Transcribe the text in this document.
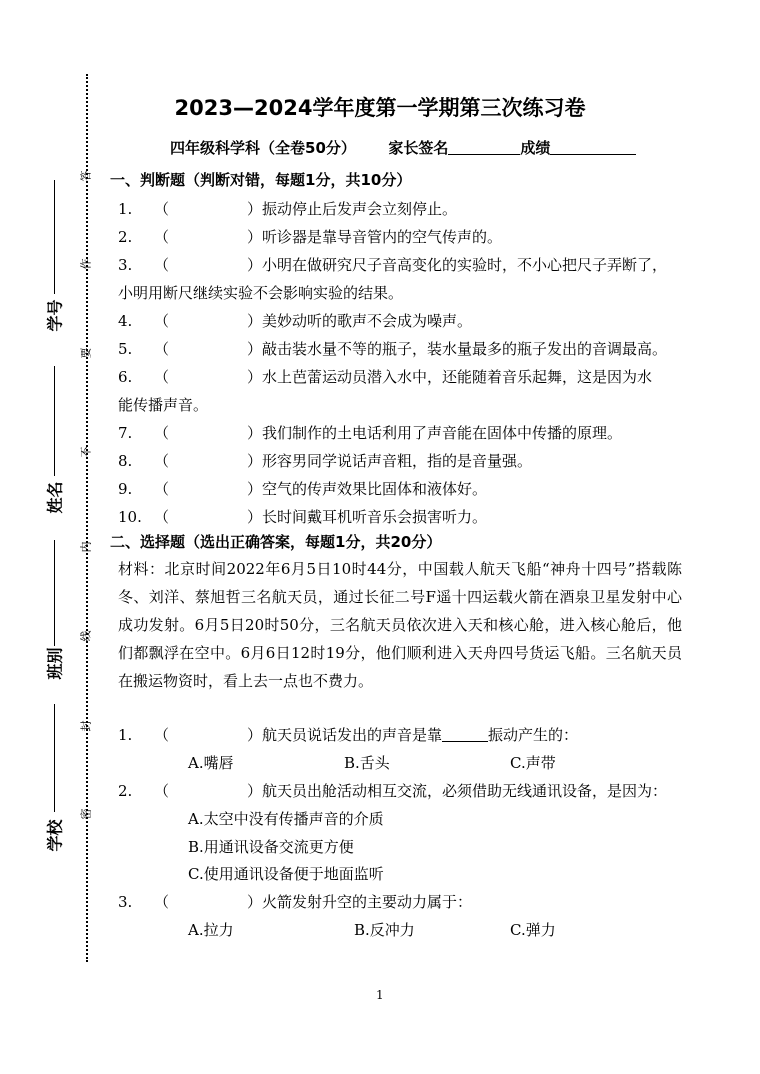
答
作
要
不
内
线
封
密
学号
姓名
班别
学校
2023—2024学年度第一学期第三次练习卷
四年级科学科（全卷50分） 家长签名	成绩
一、判断题（判断对错，每题1分，共10分）
1. （	）振动停止后发声会立刻停止。
2. （	）听诊器是靠导音管内的空气传声的。
3. （	）小明在做研究尺子音高变化的实验时，不小心把尺子弄断了，
小明用断尺继续实验不会影响实验的结果。
4. （	）美妙动听的歌声不会成为噪声。
5. （	）敲击装水量不等的瓶子，装水量最多的瓶子发出的音调最高。
6. （	）水上芭蕾运动员潜入水中，还能随着音乐起舞，这是因为水
能传播声音。
7. （	）我们制作的土电话利用了声音能在固体中传播的原理。
8. （	）形容男同学说话声音粗，指的是音量强。
9. （	）空气的传声效果比固体和液体好。
10. （	）长时间戴耳机听音乐会损害听力。
二、选择题（选出正确答案，每题1分，共20分）
材料：北京时间2022年6月5日10时44分，中国载人航天飞船“神舟十四号”搭载陈冬、刘洋、蔡旭哲三名航天员，通过长征二号F遥十四运载火箭在酒泉卫星发射中心成功发射。6月5日20时50分，三名航天员依次进入天和核心舱，进入核心舱后，他们都飘浮在空中。6月6日12时19分，他们顺利进入天舟四号货运飞船。三名航天员在搬运物资时，看上去一点也不费力。
1. （	）航天员说话发出的声音是靠	振动产生的：
A.嘴唇	B.舌头	C.声带
2. （	）航天员出舱活动相互交流，必须借助无线通讯设备，是因为：
A.太空中没有传播声音的介质
B.用通讯设备交流更方便
C.使用通讯设备便于地面监听
3. （	）火箭发射升空的主要动力属于：
A.拉力	B.反冲力	C.弹力
1
